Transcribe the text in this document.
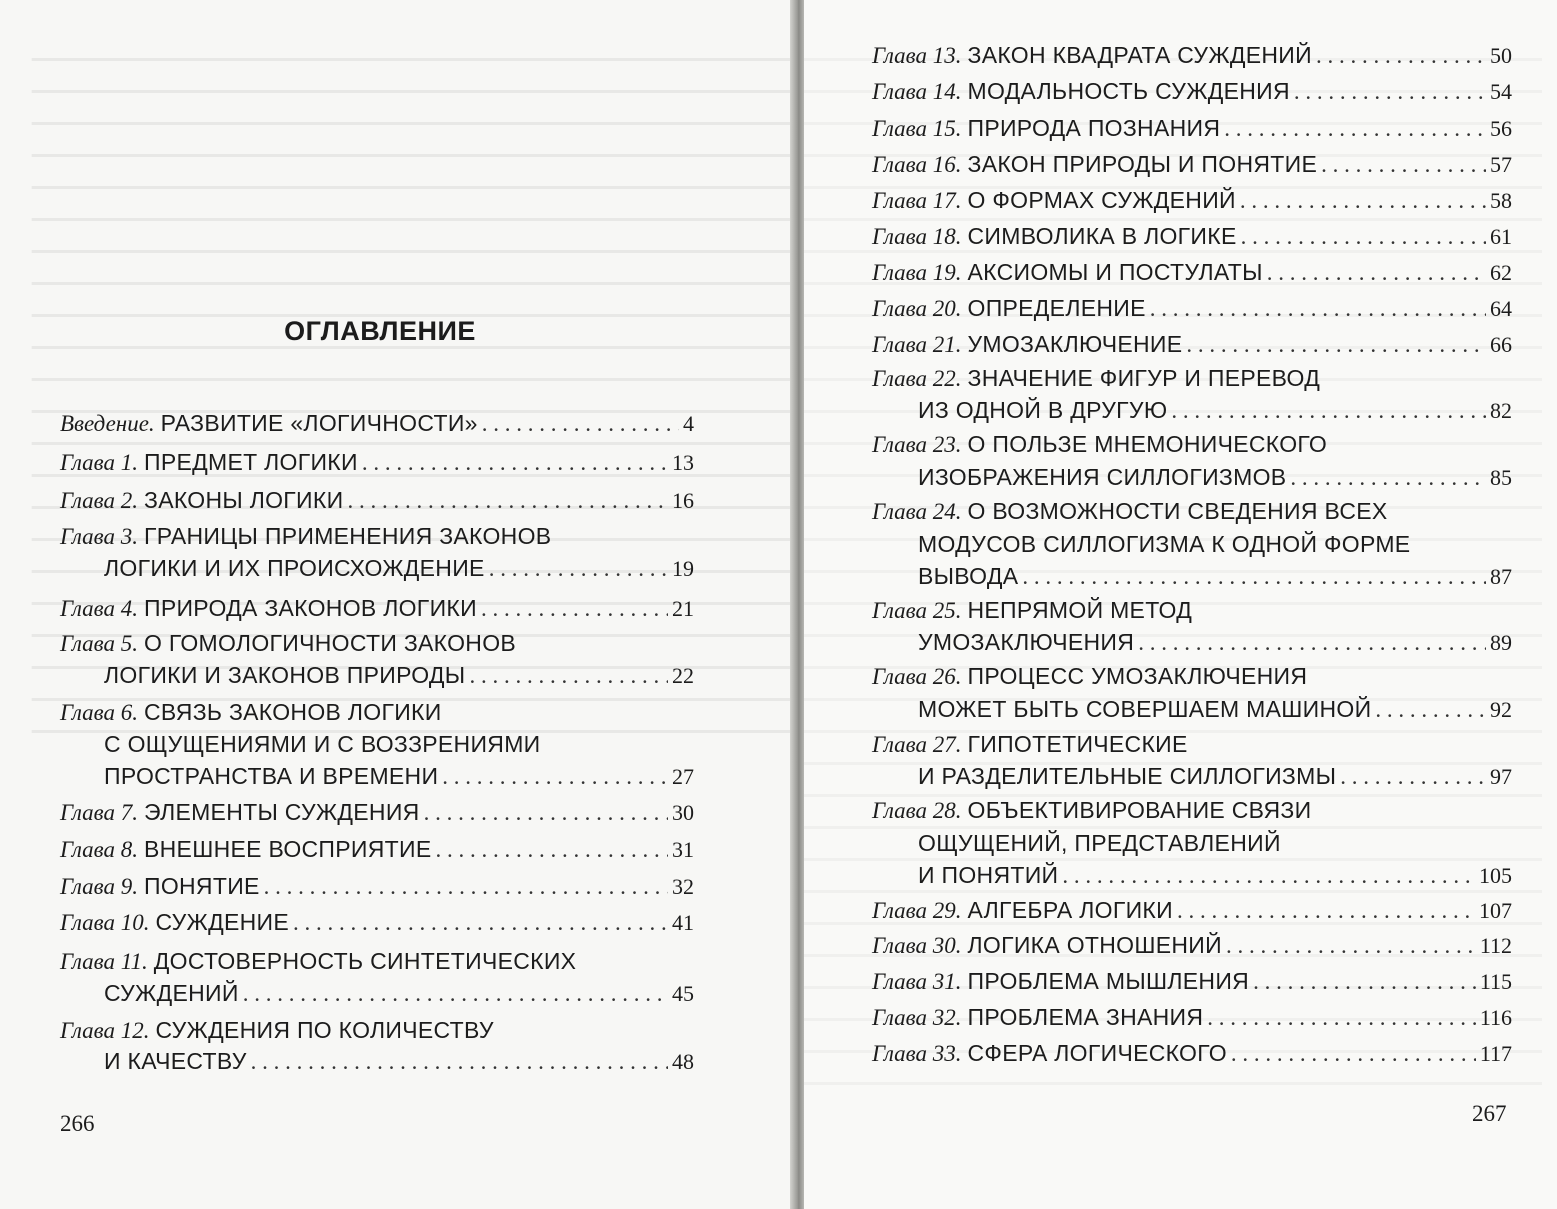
ОГЛАВЛЕНИЕ
Введение. РАЗВИТИЕ «ЛОГИЧНОСТИ» . . .	4
Глава 1. ПРЕДМЕТ ЛОГИКИ . . .	13
Глава 2. ЗАКОНЫ ЛОГИКИ . . .	16
Глава 3. ГРАНИЦЫ ПРИМЕНЕНИЯ ЗАКОНОВ
ЛОГИКИ И ИХ ПРОИСХОЖДЕНИЕ . . .	19
Глава 4. ПРИРОДА ЗАКОНОВ ЛОГИКИ . . .	21
Глава 5. О ГОМОЛОГИЧНОСТИ ЗАКОНОВ
ЛОГИКИ И ЗАКОНОВ ПРИРОДЫ . . .	22
Глава 6. СВЯЗЬ ЗАКОНОВ ЛОГИКИ
С ОЩУЩЕНИЯМИ И С ВОЗЗРЕНИЯМИ
ПРОСТРАНСТВА И ВРЕМЕНИ . . .	27
Глава 7. ЭЛЕМЕНТЫ СУЖДЕНИЯ . . .	30
Глава 8. ВНЕШНЕЕ ВОСПРИЯТИЕ . . .	31
Глава 9. ПОНЯТИЕ . . .	32
Глава 10. СУЖДЕНИЕ . . .	41
Глава 11. ДОСТОВЕРНОСТЬ СИНТЕТИЧЕСКИХ
СУЖДЕНИЙ . . .	45
Глава 12. СУЖДЕНИЯ ПО КОЛИЧЕСТВУ
И КАЧЕСТВУ . . .	48
266
Глава 13. ЗАКОН КВАДРАТА СУЖДЕНИЙ . . .	50
Глава 14. МОДАЛЬНОСТЬ СУЖДЕНИЯ . . .	54
Глава 15. ПРИРОДА ПОЗНАНИЯ . . .	56
Глава 16. ЗАКОН ПРИРОДЫ И ПОНЯТИЕ . . .	57
Глава 17. О ФОРМАХ СУЖДЕНИЙ . . .	58
Глава 18. СИМВОЛИКА В ЛОГИКЕ . . .	61
Глава 19. АКСИОМЫ И ПОСТУЛАТЫ . . .	62
Глава 20. ОПРЕДЕЛЕНИЕ . . .	64
Глава 21. УМОЗАКЛЮЧЕНИЕ . . .	66
Глава 22. ЗНАЧЕНИЕ ФИГУР И ПЕРЕВОД
ИЗ ОДНОЙ В ДРУГУЮ . . .	82
Глава 23. О ПОЛЬЗЕ МНЕМОНИЧЕСКОГО
ИЗОБРАЖЕНИЯ СИЛЛОГИЗМОВ . . .	85
Глава 24. О ВОЗМОЖНОСТИ СВЕДЕНИЯ ВСЕХ
МОДУСОВ СИЛЛОГИЗМА К ОДНОЙ ФОРМЕ
ВЫВОДА . . .	87
Глава 25. НЕПРЯМОЙ МЕТОД
УМОЗАКЛЮЧЕНИЯ . . .	89
Глава 26. ПРОЦЕСС УМОЗАКЛЮЧЕНИЯ
МОЖЕТ БЫТЬ СОВЕРШАЕМ МАШИНОЙ . . .	92
Глава 27. ГИПОТЕТИЧЕСКИЕ
И РАЗДЕЛИТЕЛЬНЫЕ СИЛЛОГИЗМЫ . . .	97
Глава 28. ОБЪЕКТИВИРОВАНИЕ СВЯЗИ
ОЩУЩЕНИЙ, ПРЕДСТАВЛЕНИЙ
И ПОНЯТИЙ . . .	105
Глава 29. АЛГЕБРА ЛОГИКИ . . .	107
Глава 30. ЛОГИКА ОТНОШЕНИЙ . . .	112
Глава 31. ПРОБЛЕМА МЫШЛЕНИЯ . . .	115
Глава 32. ПРОБЛЕМА ЗНАНИЯ . . .	116
Глава 33. СФЕРА ЛОГИЧЕСКОГО . . .	117
267
